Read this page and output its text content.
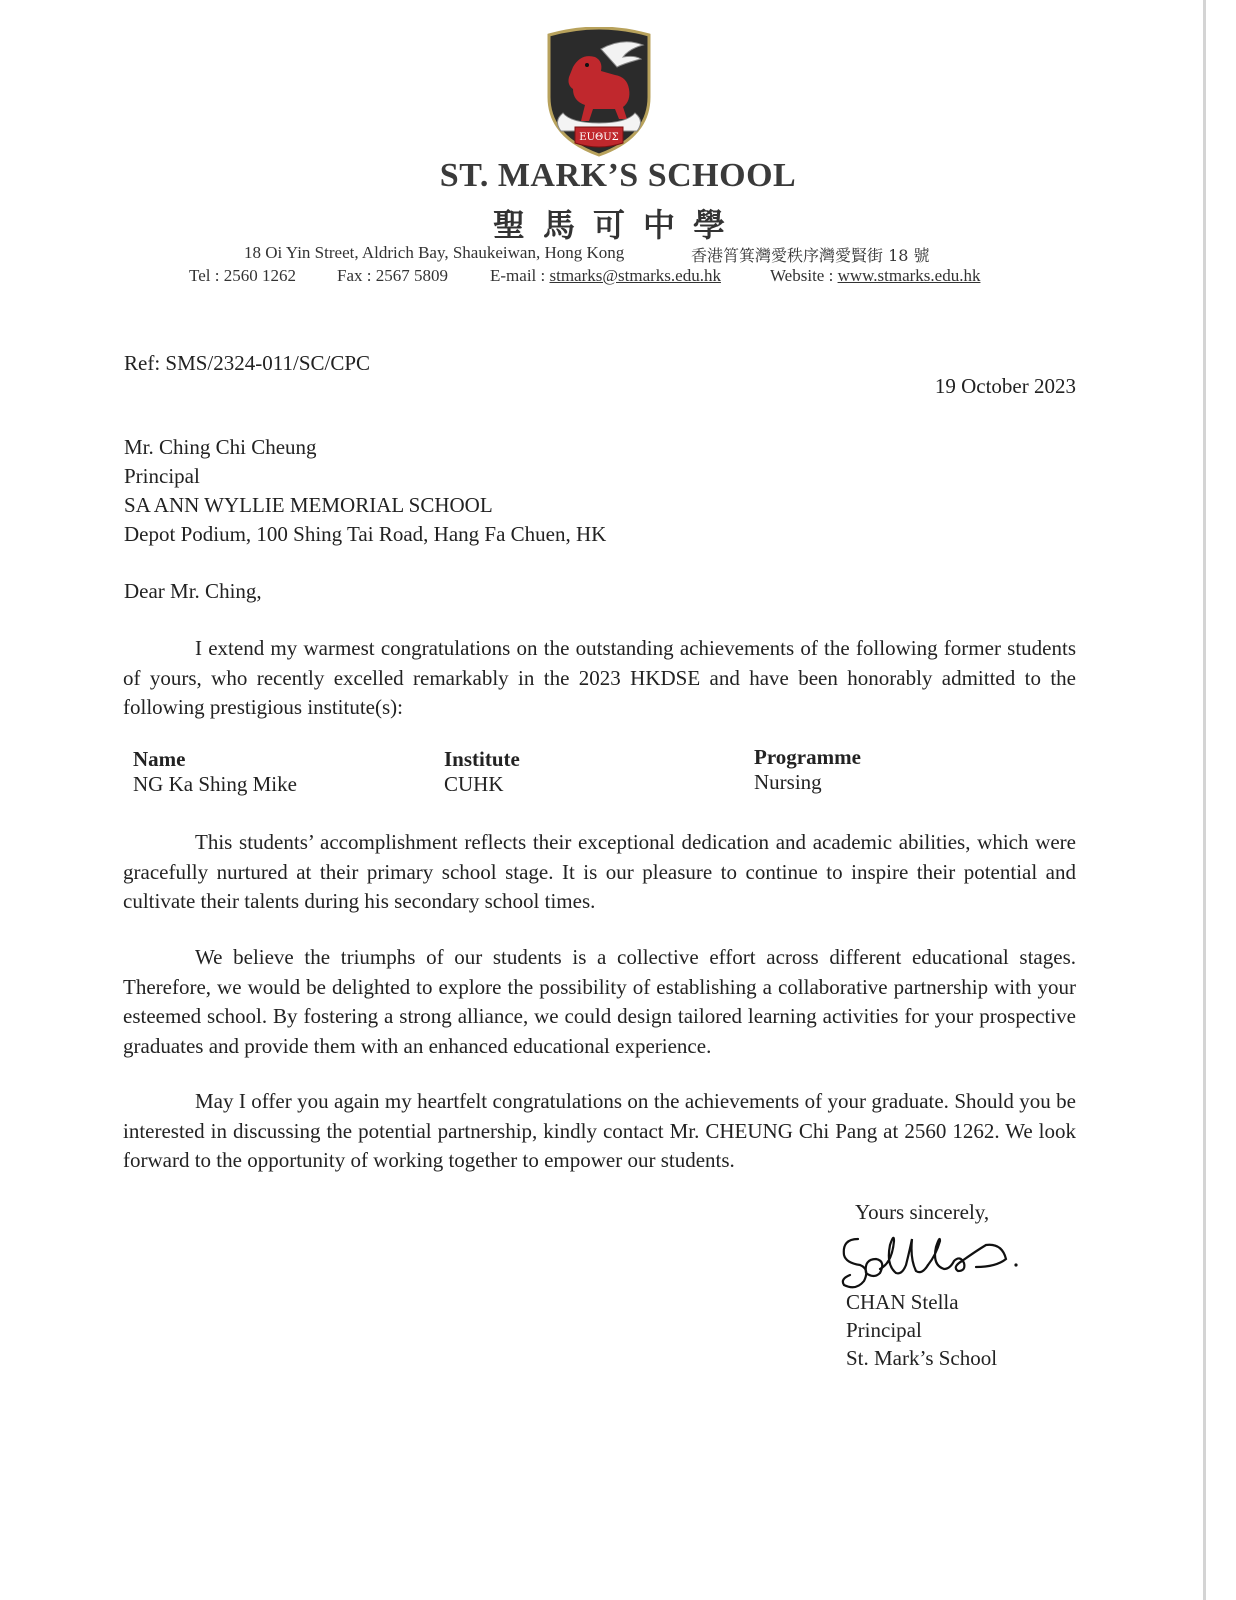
EUΘUΣ
ST. MARK’S SCHOOL
聖馬可中學
18 Oi Yin Street, Aldrich Bay, Shaukeiwan, Hong Kong	香港筲箕灣愛秩序灣愛賢街 18 號
Tel : 2560 1262 Fax : 2567 5809 E-mail : stmarks@stmarks.edu.hk	Website : www.stmarks.edu.hk
Ref: SMS/2324-011/SC/CPC
19 October 2023
Mr. Ching Chi Cheung
Principal
SA ANN WYLLIE MEMORIAL SCHOOL
Depot Podium, 100 Shing Tai Road, Hang Fa Chuen, HK
Dear Mr. Ching,
I extend my warmest congratulations on the outstanding achievements of the following former students of yours, who recently excelled remarkably in the 2023 HKDSE and have been honorably admitted to the following prestigious institute(s):
Name	Institute	Programme
NG Ka Shing Mike	CUHK	Nursing
This students’ accomplishment reflects their exceptional dedication and academic abilities, which were gracefully nurtured at their primary school stage. It is our pleasure to continue to inspire their potential and cultivate their talents during his secondary school times.
We believe the triumphs of our students is a collective effort across different educational stages. Therefore, we would be delighted to explore the possibility of establishing a collaborative partnership with your esteemed school. By fostering a strong alliance, we could design tailored learning activities for your prospective graduates and provide them with an enhanced educational experience.
May I offer you again my heartfelt congratulations on the achievements of your graduate. Should you be interested in discussing the potential partnership, kindly contact Mr. CHEUNG Chi Pang at 2560 1262. We look forward to the opportunity of working together to empower our students.
Yours sincerely,
CHAN Stella
Principal
St. Mark’s School
